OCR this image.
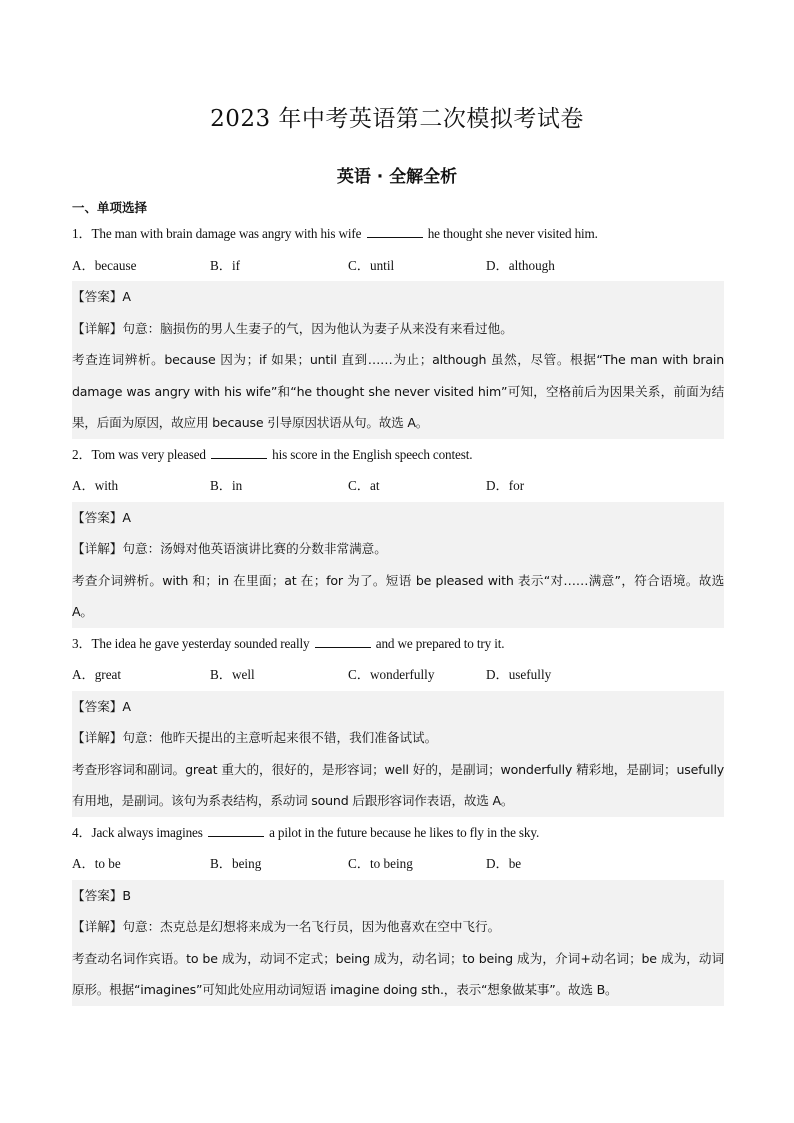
2023 年中考英语第二次模拟考试卷
英语 · 全解全析
一、单项选择
1．The man with brain damage was angry with his wife	he thought she never visited him.
A．because	B．if	C．until	D．although
【答案】A
【详解】句意：脑损伤的男人生妻子的气，因为他认为妻子从来没有来看过他。
考查连词辨析。because 因为；if 如果；until 直到……为止；although 虽然，尽管。根据“The man with brain damage was angry with his wife”和“he thought she never visited him”可知，空格前后为因果关系，前面为结果，后面为原因，故应用 because 引导原因状语从句。故选 A。
2．Tom was very pleased	his score in the English speech contest.
A．with	B．in	C．at	D．for
【答案】A
【详解】句意：汤姆对他英语演讲比赛的分数非常满意。
考查介词辨析。with 和；in 在里面；at 在；for 为了。短语 be pleased with 表示“对……满意”，符合语境。故选 A。
3．The idea he gave yesterday sounded really	and we prepared to try it.
A．great	B．well	C．wonderfully	D．usefully
【答案】A
【详解】句意：他昨天提出的主意听起来很不错，我们准备试试。
考查形容词和副词。great 重大的，很好的，是形容词；well 好的，是副词；wonderfully 精彩地，是副词；usefully 有用地，是副词。该句为系表结构，系动词 sound 后跟形容词作表语，故选 A。
4．Jack always imagines	a pilot in the future because he likes to fly in the sky.
A．to be	B．being	C．to being	D．be
【答案】B
【详解】句意：杰克总是幻想将来成为一名飞行员，因为他喜欢在空中飞行。
考查动名词作宾语。to be 成为，动词不定式；being 成为，动名词；to being 成为，介词+动名词；be 成为，动词原形。根据“imagines”可知此处应用动词短语 imagine doing sth.，表示“想象做某事”。故选 B。
